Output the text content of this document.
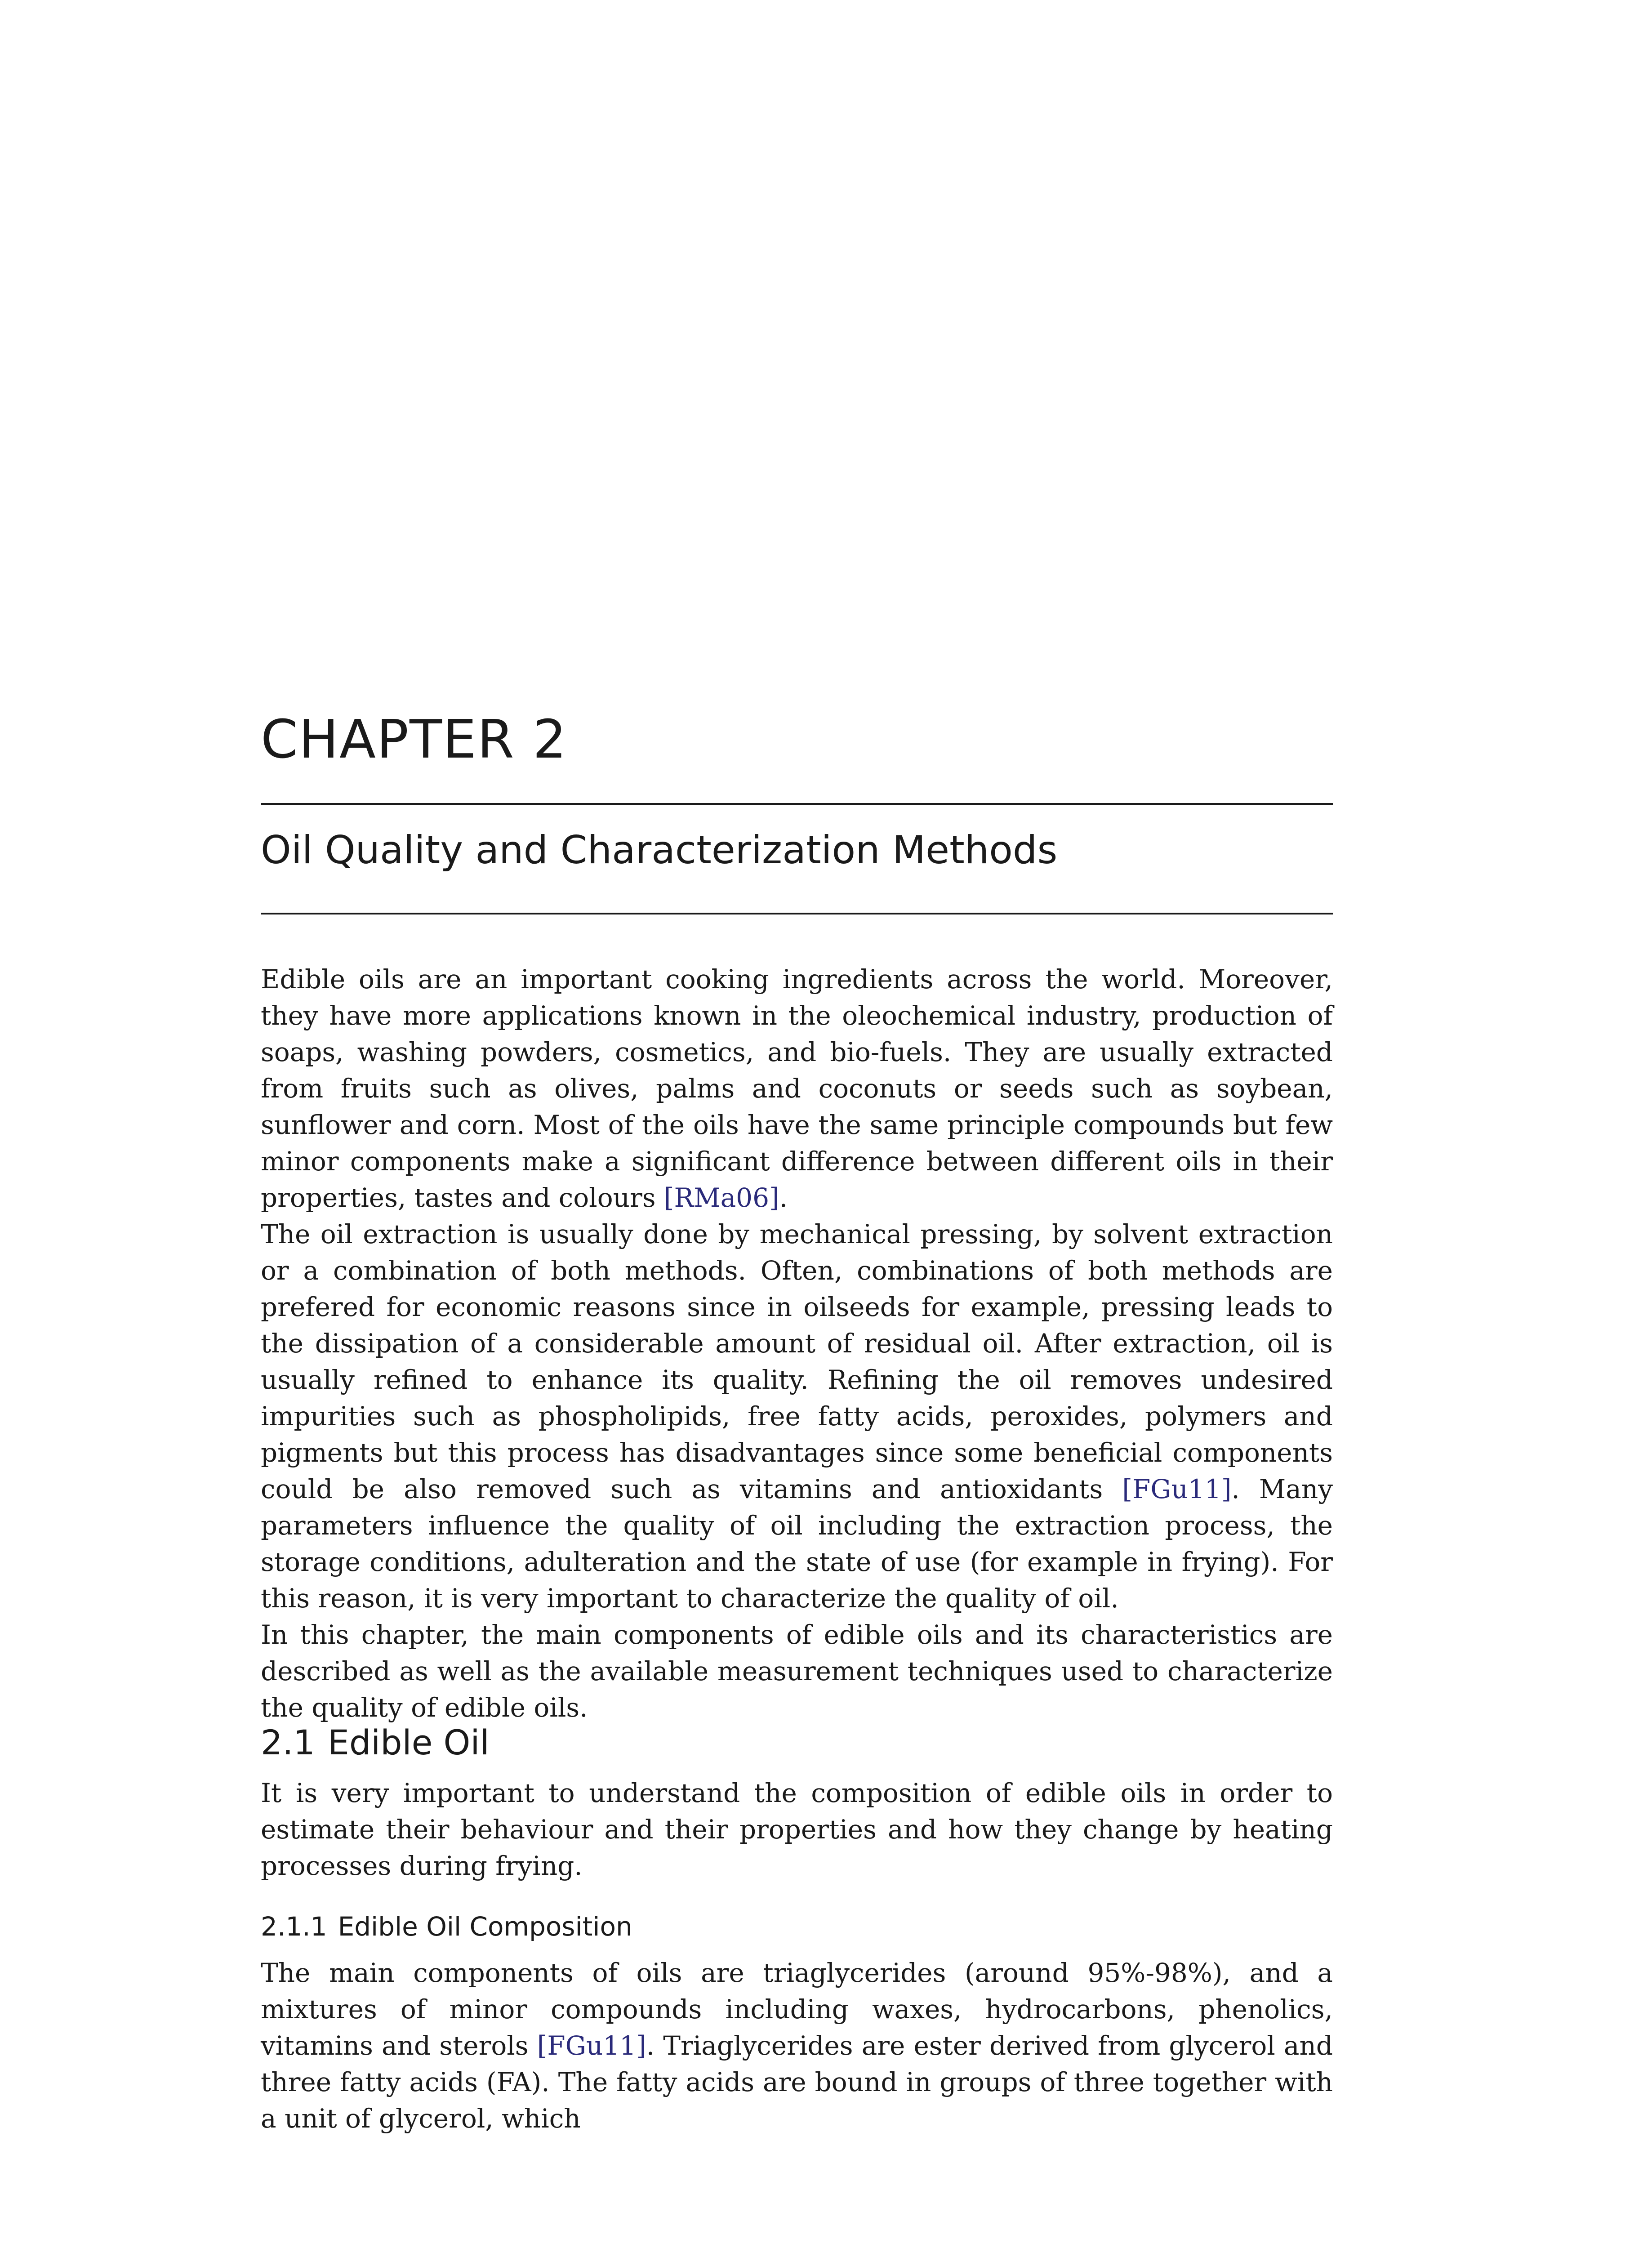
CHAPTER 2
Oil Quality and Characterization Methods

Edible oils are an important cooking ingredients across the world. Moreover, they have more applications known in the oleochemical industry, production of soaps, washing powders, cosmetics, and bio-fuels. They are usually extracted from fruits such as olives, palms and coconuts or seeds such as soybean, sunflower and corn. Most of the oils have the same principle compounds but few minor components make a significant difference between different oils in their properties, tastes and colours [RMa06].

The oil extraction is usually done by mechanical pressing, by solvent extraction or a combination of both methods. Often, combinations of both methods are prefered for economic reasons since in oilseeds for example, pressing leads to the dissipation of a considerable amount of residual oil. After extraction, oil is usually refined to enhance its quality. Refining the oil removes undesired impurities such as phospholipids, free fatty acids, peroxides, polymers and pigments but this process has disadvantages since some beneficial components could be also removed such as vitamins and antioxidants [FGu11]. Many parameters influence the quality of oil including the extraction process, the storage conditions, adulteration and the state of use (for example in frying). For this reason, it is very important to characterize the quality of oil.

In this chapter, the main components of edible oils and its characteristics are described as well as the available measurement techniques used to characterize the quality of edible oils.

2.1 Edible Oil

It is very important to understand the composition of edible oils in order to estimate their behaviour and their properties and how they change by heating processes during frying.

2.1.1 Edible Oil Composition

The main components of oils are triaglycerides (around 95%-98%), and a mixtures of minor compounds including waxes, hydrocarbons, phenolics, vitamins and sterols [FGu11]. Triaglycerides are ester derived from glycerol and three fatty acids (FA). The fatty acids are bound in groups of three together with a unit of glycerol, which
